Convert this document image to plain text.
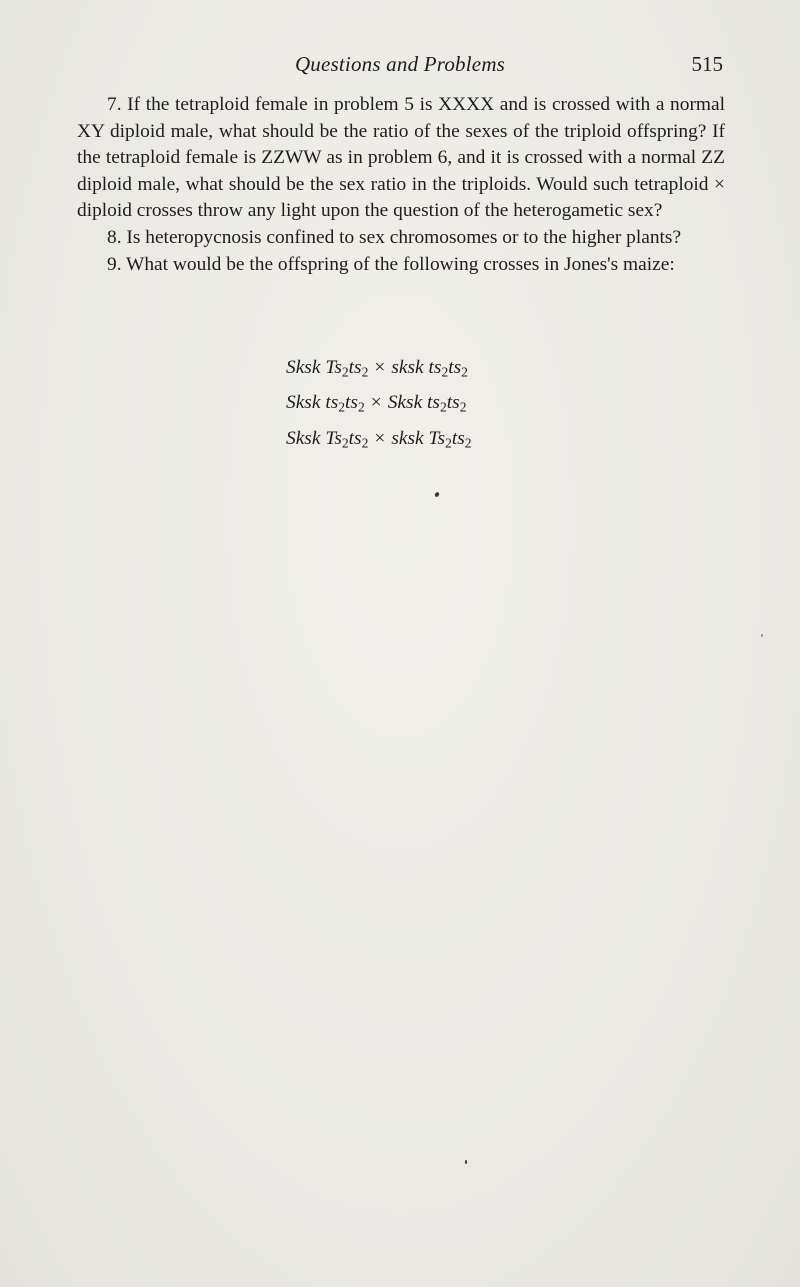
Questions and Problems	515

7. If the tetraploid female in problem 5 is XXXX and is crossed with a normal XY diploid male, what should be the ratio of the sexes of the triploid offspring? If the tetraploid female is ZZWW as in problem 6, and it is crossed with a normal ZZ diploid male, what should be the sex ratio in the triploids. Would such tetraploid × diploid crosses throw any light upon the question of the heterogametic sex?

8. Is heteropycnosis confined to sex chromosomes or to the higher plants?

9. What would be the offspring of the following crosses in Jones's maize:

Sksk $Ts_2ts_2$ × sksk $ts_2ts_2$
Sksk $ts_2ts_2$ × Sksk $ts_2ts_2$
Sksk $Ts_2ts_2$ × sksk $Ts_2ts_2$
